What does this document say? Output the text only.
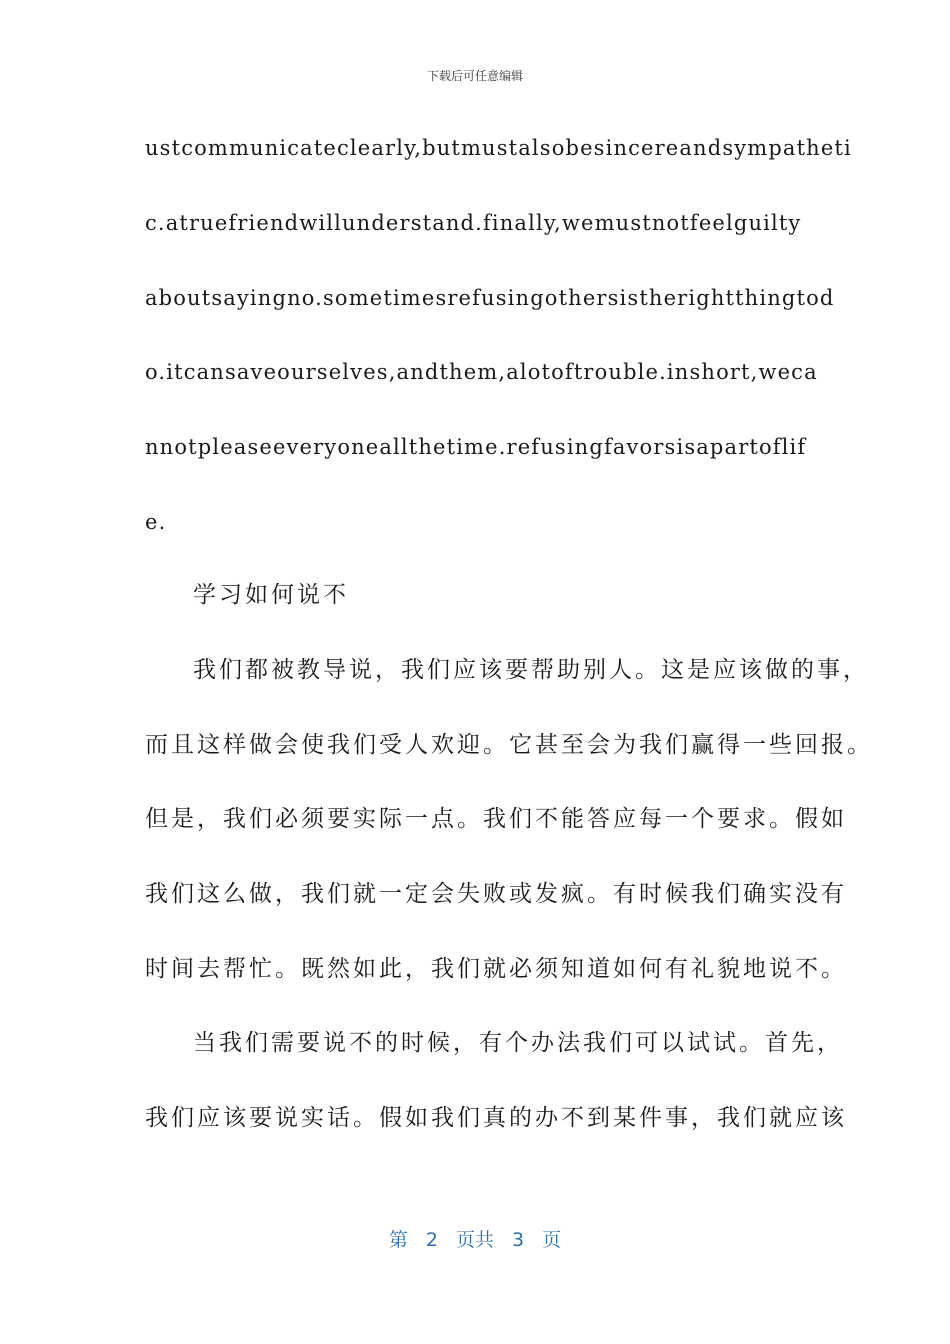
下载后可任意编辑
ustcommunicateclearly,butmustalsobesincereandsympatheti
c.atruefriendwillunderstand.finally,wemustnotfeelguilty
aboutsayingno.sometimesrefusingothersistherightthingtod
o.itcansaveourselves,andthem,alotoftrouble.inshort,weca
nnotpleaseeveryoneallthetime.refusingfavorsisapartoflif
e.
学习如何说不
我们都被教导说，我们应该要帮助别人。这是应该做的事，
而且这样做会使我们受人欢迎。它甚至会为我们赢得一些回报。
但是，我们必须要实际一点。我们不能答应每一个要求。假如
我们这么做，我们就一定会失败或发疯。有时候我们确实没有
时间去帮忙。既然如此，我们就必须知道如何有礼貌地说不。
当我们需要说不的时候，有个办法我们可以试试。首先，
我们应该要说实话。假如我们真的办不到某件事，我们就应该
第 2 页共 3 页
